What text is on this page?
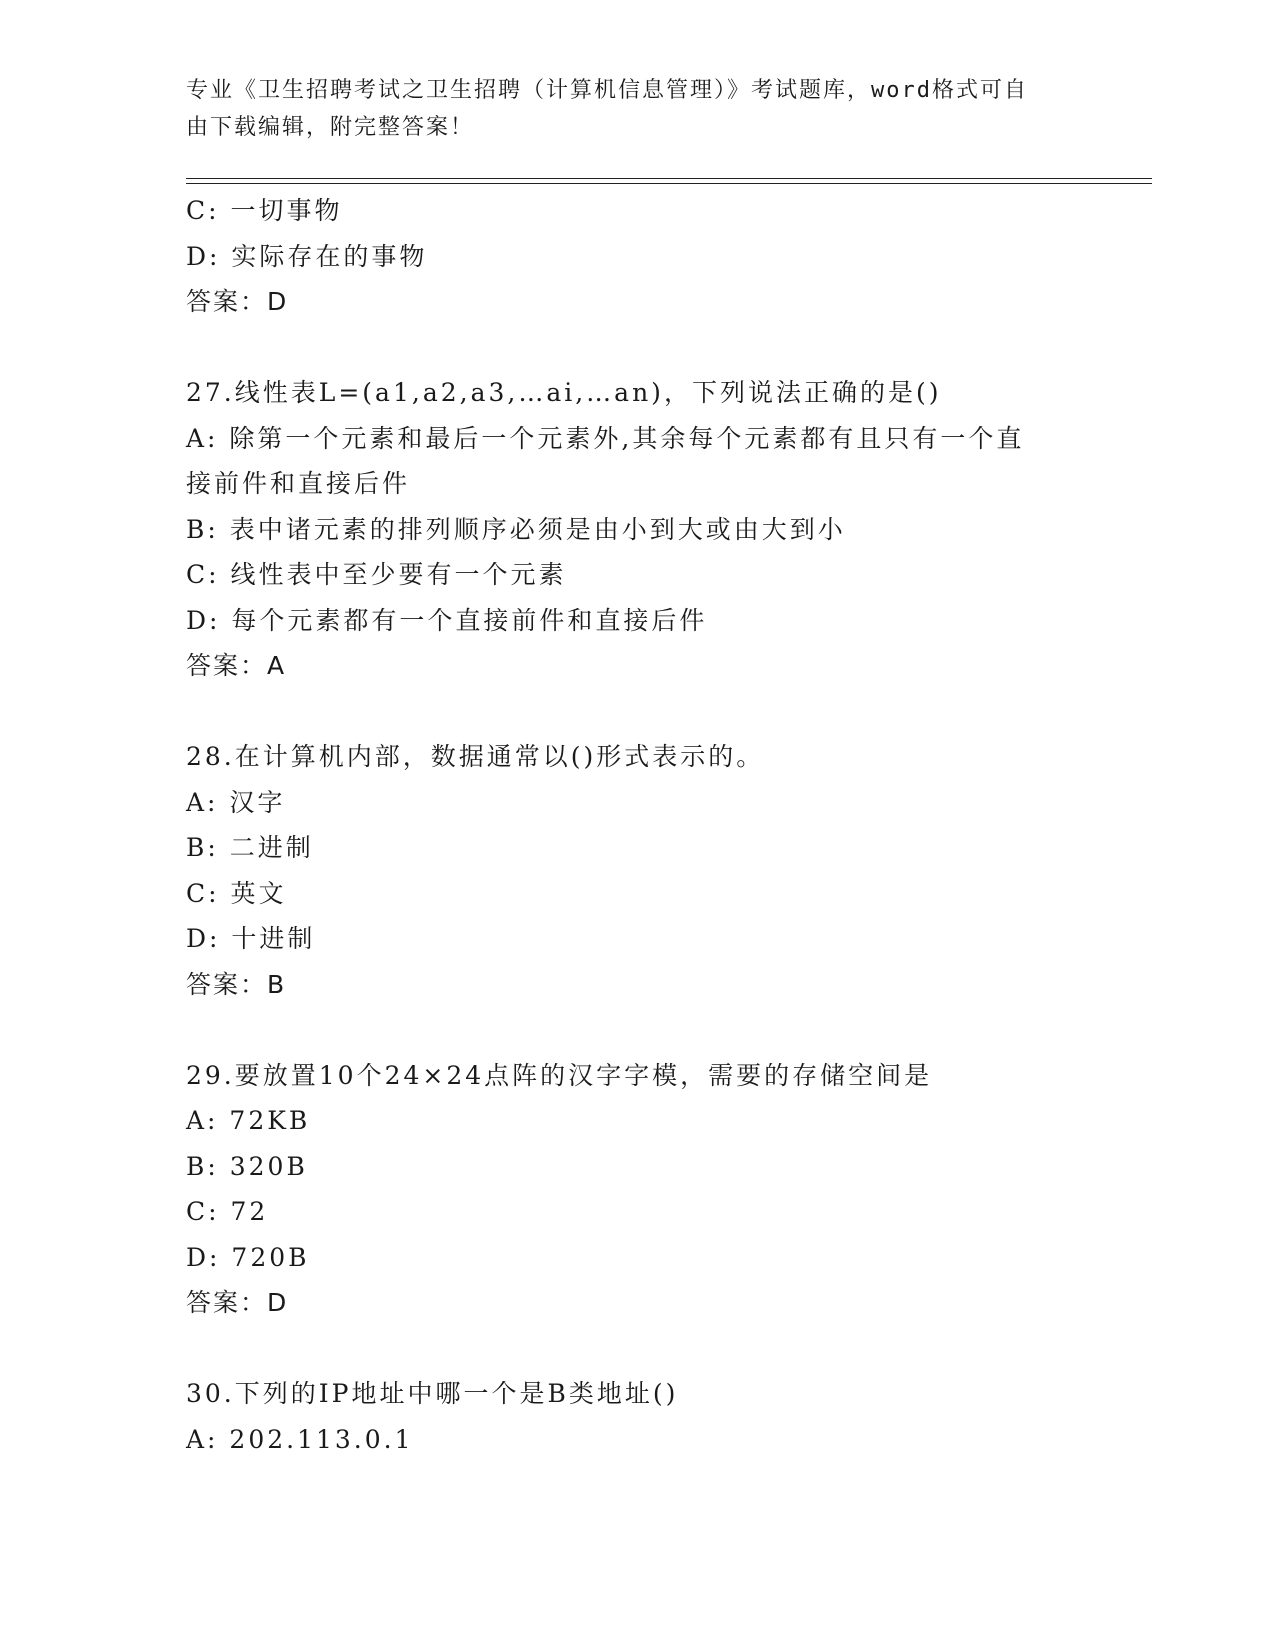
专业《卫生招聘考试之卫生招聘（计算机信息管理）》考试题库，word格式可自
由下载编辑，附完整答案！
C: 一切事物
D: 实际存在的事物
答案：D
27.线性表L=(a1,a2,a3,…ai,…an)，下列说法正确的是()
A: 除第一个元素和最后一个元素外,其余每个元素都有且只有一个直
接前件和直接后件
B: 表中诸元素的排列顺序必须是由小到大或由大到小
C: 线性表中至少要有一个元素
D: 每个元素都有一个直接前件和直接后件
答案：A
28.在计算机内部，数据通常以()形式表示的。
A: 汉字
B: 二进制
C: 英文
D: 十进制
答案：B
29.要放置10个24×24点阵的汉字字模，需要的存储空间是
A: 72KB
B: 320B
C: 72
D: 720B
答案：D
30.下列的IP地址中哪一个是B类地址()
A: 202.113.0.1
